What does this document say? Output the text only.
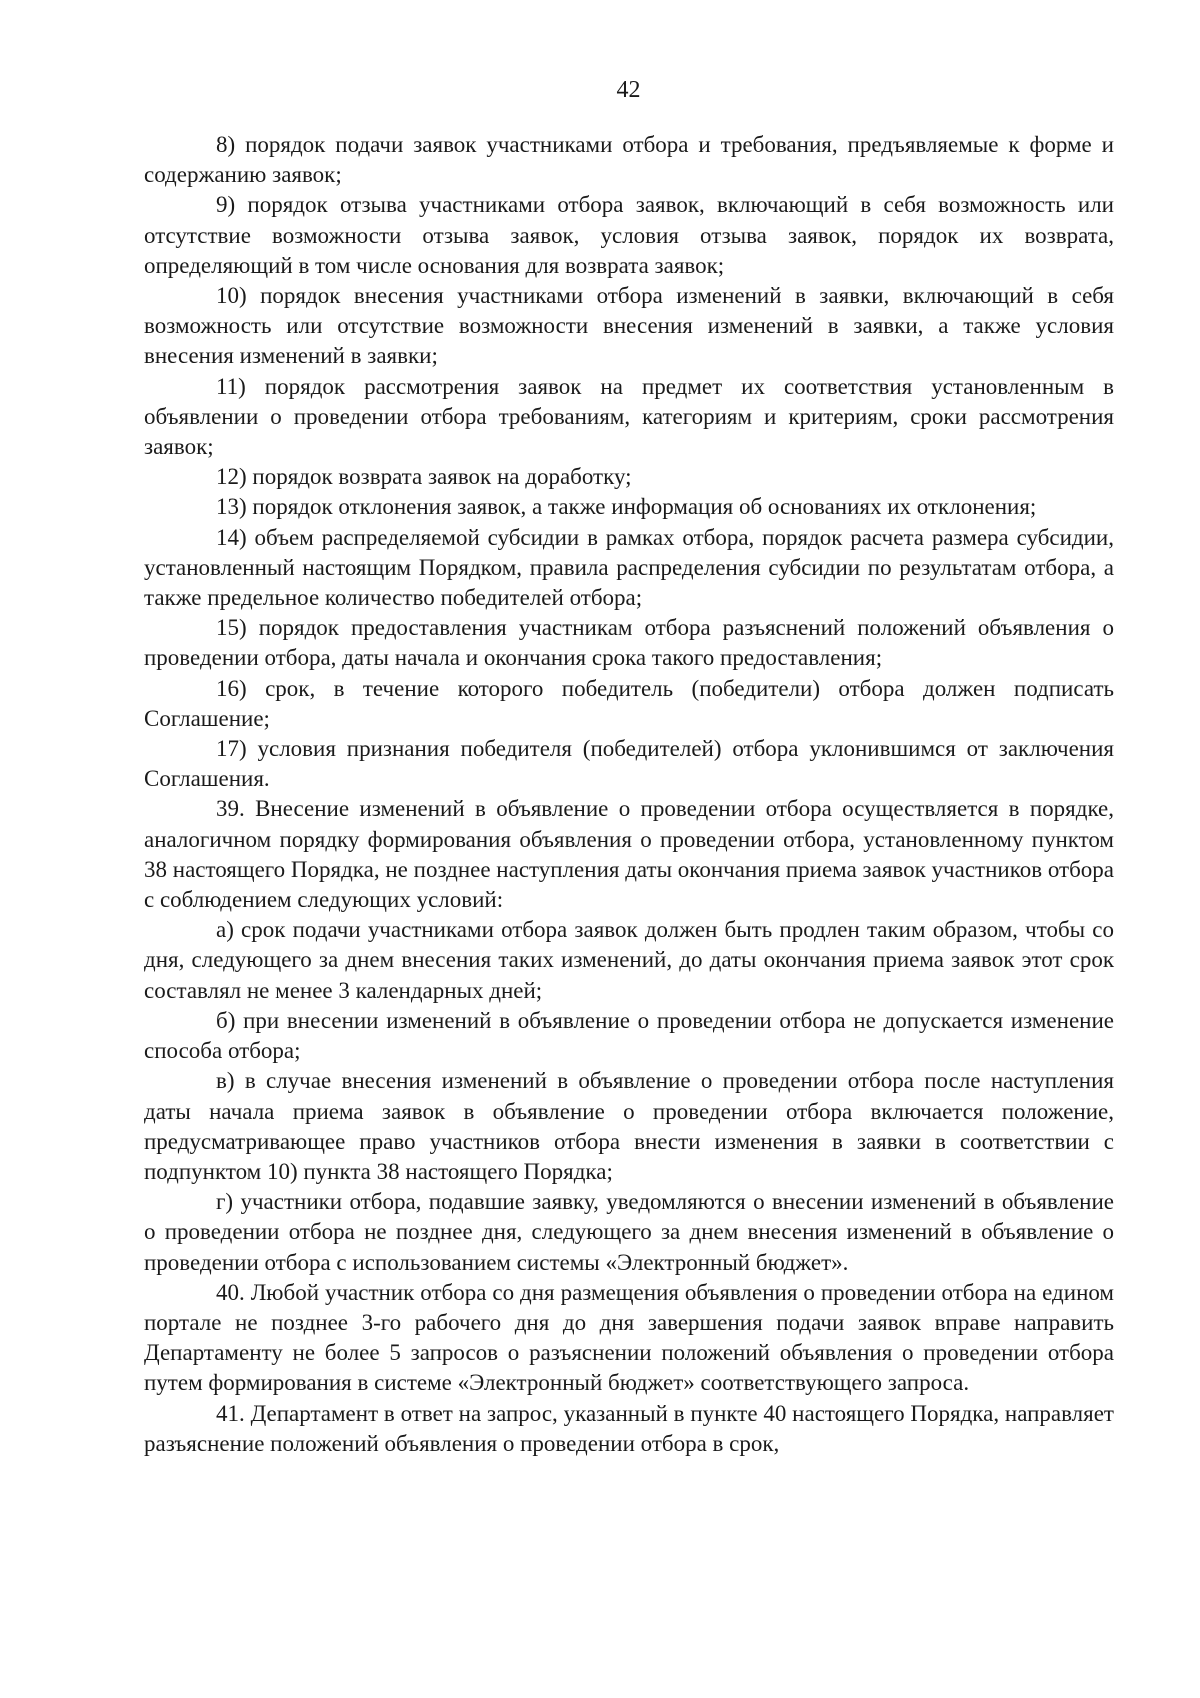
42

8) порядок подачи заявок участниками отбора и требования, предъявляемые к форме и содержанию заявок;

9) порядок отзыва участниками отбора заявок, включающий в себя возможность или отсутствие возможности отзыва заявок, условия отзыва заявок, порядок их возврата, определяющий в том числе основания для возврата заявок;

10) порядок внесения участниками отбора изменений в заявки, включающий в себя возможность или отсутствие возможности внесения изменений в заявки, а также условия внесения изменений в заявки;

11) порядок рассмотрения заявок на предмет их соответствия установленным в объявлении о проведении отбора требованиям, категориям и критериям, сроки рассмотрения заявок;

12) порядок возврата заявок на доработку;

13) порядок отклонения заявок, а также информация об основаниях их отклонения;

14) объем распределяемой субсидии в рамках отбора, порядок расчета размера субсидии, установленный настоящим Порядком, правила распределения субсидии по результатам отбора, а также предельное количество победителей отбора;

15) порядок предоставления участникам отбора разъяснений положений объявления о проведении отбора, даты начала и окончания срока такого предоставления;

16) срок, в течение которого победитель (победители) отбора должен подписать Соглашение;

17) условия признания победителя (победителей) отбора уклонившимся от заключения Соглашения.

39. Внесение изменений в объявление о проведении отбора осуществляется в порядке, аналогичном порядку формирования объявления о проведении отбора, установленному пунктом 38 настоящего Порядка, не позднее наступления даты окончания приема заявок участников отбора с соблюдением следующих условий:

а) срок подачи участниками отбора заявок должен быть продлен таким образом, чтобы со дня, следующего за днем внесения таких изменений, до даты окончания приема заявок этот срок составлял не менее 3 календарных дней;

б) при внесении изменений в объявление о проведении отбора не допускается изменение способа отбора;

в) в случае внесения изменений в объявление о проведении отбора после наступления даты начала приема заявок в объявление о проведении отбора включается положение, предусматривающее право участников отбора внести изменения в заявки в соответствии с подпунктом 10) пункта 38 настоящего Порядка;

г) участники отбора, подавшие заявку, уведомляются о внесении изменений в объявление о проведении отбора не позднее дня, следующего за днем внесения изменений в объявление о проведении отбора с использованием системы «Электронный бюджет».

40. Любой участник отбора со дня размещения объявления о проведении отбора на едином портале не позднее 3-го рабочего дня до дня завершения подачи заявок вправе направить Департаменту не более 5 запросов о разъяснении положений объявления о проведении отбора путем формирования в системе «Электронный бюджет» соответствующего запроса.

41. Департамент в ответ на запрос, указанный в пункте 40 настоящего Порядка, направляет разъяснение положений объявления о проведении отбора в срок,
